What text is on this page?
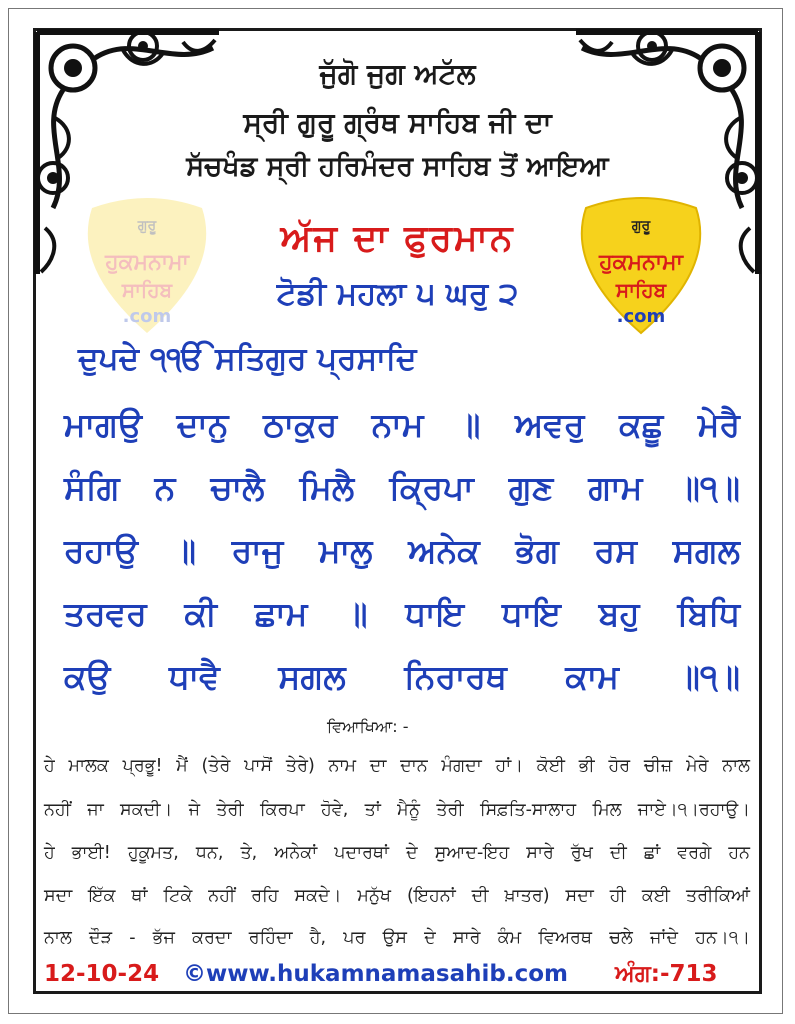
ਜੁੱਗੋ ਜੁਗ ਅਟੱਲ
ਸ੍ਰੀ ਗੁਰੂ ਗ੍ਰੰਥ ਸਾਹਿਬ ਜੀ ਦਾ
ਸੱਚਖੰਡ ਸ੍ਰੀ ਹਰਿਮੰਦਰ ਸਾਹਿਬ ਤੋਂ ਆਇਆ
ਗੁਰੂ
ਹੁਕਮਨਾਮਾ
ਸਾਹਿਬ
.com
ਗੁਰੂ
ਹੁਕਮਨਾਮਾ
ਸਾਹਿਬ
.com
ਅੱਜ ਦਾ ਫੁਰਮਾਨ
ਟੋਡੀ ਮਹਲਾ ੫ ਘਰੁ ੨
ਦੁਪਦੇ ੧ੴ ਸਤਿਗੁਰ ਪ੍ਰਸਾਦਿ
ਮਾਗਉ ਦਾਨੁ ਠਾਕੁਰ ਨਾਮ ॥ ਅਵਰੁ ਕਛੂ ਮੇਰੈ
ਸੰਗਿ ਨ ਚਾਲੈ ਮਿਲੈ ਕ੍ਰਿਪਾ ਗੁਣ ਗਾਮ ॥੧॥
ਰਹਾਉ ॥ ਰਾਜੁ ਮਾਲੁ ਅਨੇਕ ਭੋਗ ਰਸ ਸਗਲ
ਤਰਵਰ ਕੀ ਛਾਮ ॥ ਧਾਇ ਧਾਇ ਬਹੁ ਬਿਧਿ
ਕਉ ਧਾਵੈ ਸਗਲ ਨਿਰਾਰਥ ਕਾਮ ॥੧॥
ਵਿਆਖਿਆ: -
ਹੇ ਮਾਲਕ ਪ੍ਰਭੂ! ਮੈਂ (ਤੇਰੇ ਪਾਸੋਂ ਤੇਰੇ) ਨਾਮ ਦਾ ਦਾਨ ਮੰਗਦਾ ਹਾਂ। ਕੋਈ ਭੀ ਹੋਰ ਚੀਜ਼ ਮੇਰੇ ਨਾਲ
ਨਹੀਂ ਜਾ ਸਕਦੀ। ਜੇ ਤੇਰੀ ਕਿਰਪਾ ਹੋਵੇ, ਤਾਂ ਮੈਨੂੰ ਤੇਰੀ ਸਿਫ਼ਤਿ-ਸਾਲਾਹ ਮਿਲ ਜਾਏ।੧।ਰਹਾਉ।
ਹੇ ਭਾਈ! ਹੁਕੂਮਤ, ਧਨ, ਤੇ, ਅਨੇਕਾਂ ਪਦਾਰਥਾਂ ਦੇ ਸੁਆਦ-ਇਹ ਸਾਰੇ ਰੁੱਖ ਦੀ ਛਾਂ ਵਰਗੇ ਹਨ
ਸਦਾ ਇੱਕ ਥਾਂ ਟਿਕੇ ਨਹੀਂ ਰਹਿ ਸਕਦੇ। ਮਨੁੱਖ (ਇਹਨਾਂ ਦੀ ਖ਼ਾਤਰ) ਸਦਾ ਹੀ ਕਈ ਤਰੀਕਿਆਂ
ਨਾਲ ਦੌੜ - ਭੱਜ ਕਰਦਾ ਰਹਿੰਦਾ ਹੈ, ਪਰ ਉਸ ਦੇ ਸਾਰੇ ਕੰਮ ਵਿਅਰਥ ਚਲੇ ਜਾਂਦੇ ਹਨ।੧।
12-10-24 ©www.hukamnamasahib.com ਅੰਗ:-713
